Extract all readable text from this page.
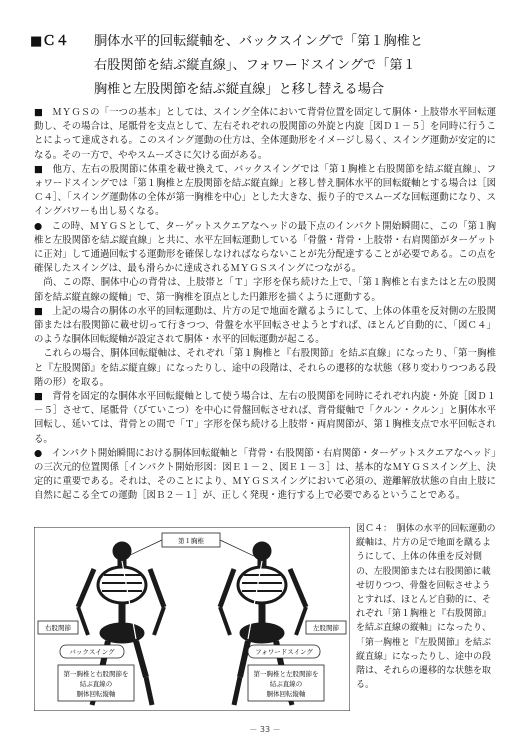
■Ｃ４ 胴体水平的回転縦軸を、バックスイングで「第１胸椎と
右股関節を結ぶ縦直線」、フォワードスイングで「第１
胸椎と左股関節を結ぶ縦直線」と移し替える場合

■　ＭＹＧＳの「一つの基本」としては、スイング全体において背骨位置を固定して胴体・上肢帯水平回転運動し、その場合は、尾骶骨を支点として、左右それぞれの股関節の外旋と内旋［図Ｄ１－５］を同時に行うことによって達成される。このスイング運動の仕方は、全体運動形をイメージし易く、スイング運動が安定的になる。その一方で、ややスムーズさに欠ける面がある。

■　他方、左右の股関節に体重を載せ換えて、バックスイングでは「第１胸椎と右股関節を結ぶ縦直線」、フォワードスイングでは「第１胸椎と左股関節を結ぶ縦直線」と移し替え胴体水平的回転縦軸とする場合は［図Ｃ４］、「スイング運動体の全体が第一胸椎を中心」とした大きな、振り子的でスムーズな回転運動になり、スイングパワーも出し易くなる。

●　この時、ＭＹＧＳとして、ターゲットスクエアなヘッドの最下点のインパクト開始瞬間に、この「第１胸椎と左股関節を結ぶ縦直線」と共に、水平左回転運動している「骨盤・背骨・上肢帯・右肩関節がターゲットに正対」して通過回転する運動形を確保しなければならないことが先分配達することが必要である。この点を確保したスイングは、最も滑らかに達成されるＭＹＧＳスイングにつながる。

尚、この際、胴体中心の背骨は、上肢帯と「Ｔ」字形を保ち続けた上で、「第１胸椎と右またはと左の股関節を結ぶ縦直線の縦軸」で、第一胸椎を頂点とした円錐形を描くように運動する。

■　上記の場合の胴体の水平的回転運動は、片方の足で地面を蹴るようにして、上体の体重を反対側の左股関節または右股関節に載せ切って行きつつ、骨盤を水平回転させようとすれば、ほとんど自動的に、「図Ｃ４」のような胴体回転縦軸が設定されて胴体・水平的回転運動が起こる。

これらの場合、胴体回転縦軸は、それぞれ「第１胸椎と『右股関節』を結ぶ直線」になったり、「第一胸椎と『左股関節』を結ぶ縦直線」になったりし、途中の段階は、それらの遷移的な状態（移り変わりつつある段階の形）を取る。

■　背骨を固定的な胴体水平回転縦軸として使う場合は、左右の股関節を同時にそれぞれ内旋・外旋［図Ｄ１－５］させて、尾骶骨（びていこつ）を中心に骨盤回転させれば、背骨縦軸で「クルン・クルン」と胴体水平回転し、延いては、背骨との間で「Ｔ」字形を保ち続ける上肢帯・両肩関節が、第１胸椎支点で水平回転される。

●　インパクト開始瞬間における胴体回転縦軸と「背骨・右股関節・右肩関節・ターゲットスクエアなヘッド」の三次元的位置関係［インパクト開始形図：図Ｅ１－２、図Ｅ１－３］は、基本的なＭＹＧＳスイング上、決定的に重要である。それは、そのことにより、ＭＹＧＳスイングにおいて必須の、遊離解放状態の自由上肢に自然に起こる全ての運動［図Ｂ２－１］が、正しく発現・進行する上で必要であるということである。

第１胸椎
右股関節	左股関節
バックスイング	フォワードスイング
第一胸椎と右股関節を
結ぶ直線の
胴体回転縦軸
第一胸椎と左股関節を
結ぶ直線の
胴体回転縦軸
図Ｃ４：　胴体の水平的回転運動の縦軸は、片方の足で地面を蹴るようにして、上体の体重を反対側の、左股関節または右股関節に載せ切りつつ、骨盤を回転させようとすれば、ほとんど自動的に、それぞれ「第１胸椎と『右股関節』を結ぶ直線の縦軸」になったり、「第一胸椎と『左股関節』を結ぶ縦直線」になったりし、途中の段階は、それらの遷移的な状態を取る。
－ 33 －
